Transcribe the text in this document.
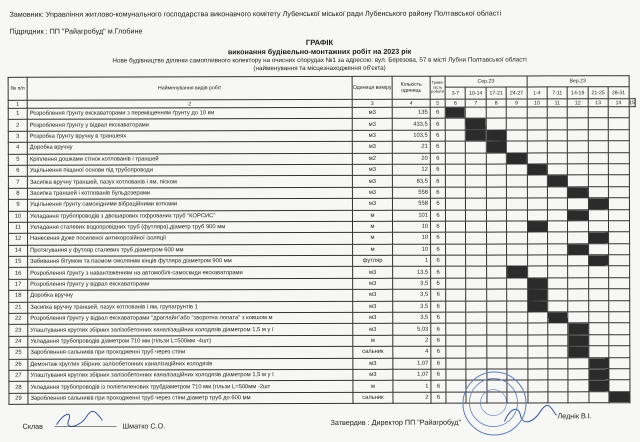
Замовник: Управління житлово-комунального господарства виконавчого комітету Лубенської міської ради Лубенського району Полтавської області
Підрядник : ПП "Райагробуд" м.Глобине
ГРАФІК
виконання будівельно-монтажних робіт на 2023 рік
Нове будівництво ділянки самопливного колектору на очисних спорудах №1 за адресою: вул. Березова, 57 в місті Лубни Полтавської області
(найменування та місцезнаходження об'єкта)
№ п/п	Найменування видів робіт	Одиниця виміру	Кількість одиниць	Трива-лість роботи	Сер.23				Вер.23					
					3-7	10-14	17-21	24-27	1-4	7-11	14-19	21-25	28-31	
1	2	3	4	5	6	7	8	9	10	11	12	13	14	15
1	Розроблення ґрунту екскаваторами з переміщенням ґрунту до 10 км	м3	135	6										
2	Розроблення ґрунту у відвал екскаваторами	м3	433,5	6										
3	Розробка ґрунту вручну в траншеях	м3	103,5	6										
4	Доробка вручну	м3	21	6										
5	Кріплення дошками стінок котлованів і траншей	м2	20	6										
6	Ущільнення піщаної основи під трубопроводи	м3	12	6										
7	Засипка вручну траншей, пазух котлованів і ям, піском	м3	83,5	6										
8	Засипка траншей і котлованів бульдозерами	м3	558	6										
9	Ущільнення ґрунту самохідними вібраційними котками	м3	558	6										
10	Укладання трубопроводів з двошарових гофрованих труб "КОРСИС"	м	101	6										
11	Укладання сталевих водопровідних труб (футляра),діаметр труб 900 мм	м	10	6										
12	Нанесення дуже посиленої антикорозійної ізоляції	м	10	6										
14	Протягування у футляр сталевих труб діаметром 600 мм	м	10	6										
15	Забивання бітумом та пасмом смоляним кінців футляра діаметром 900 мм	футляр	1	6										
16	Розроблення ґрунту з навантаженням на автомобілі-самоскиди екскаваторами	м3	13,5	6										
17	Розроблення ґрунту у відвал екскаваторами	м3	3,5	6										
18	Доробка вручну	м3	3,5	6										
21	Засипка вручну траншей, пазух котлованів і ям, групагрунтів 1	м3	3,5	6										
22	Розроблення ґрунту у відвал екскаваторами "драглайн"або "зворотна лопата" з ковшом м	м3	3,5	6										
23	Улаштування круглих збірних залізобетонних каналізаційних колодязів діаметром 1,5 м у ї	м3	5,03	6										
24	Укладання трубопроводів діаметром 710 мм (гільзи L=500мм -4шт)	м	2	6										
25	Заробленння сальників при проходженні труб через стіни	сальник	4	6										
26	Демонтаж круглих збірних залізобетонних каналізаційних колодязів	м3	1,07	6										
27	Улаштування круглих збірних залізобетонних каналізаційних колодязів діаметром 1,5 м у ї	м3	1,07	6										
28	Укладання трубопроводів із поліетиленових трубдіаметром 710 мм (гільзи L=500мм -2шт	м	1	6										
29	Заробленння сальників при проходженні труб через стіни,діаметр труб до 600 мм	сальник	2	6										
Склав	Шматко С.О.	Затвердив : Директор ПП "Райагробуд"
Леднік В.І.
